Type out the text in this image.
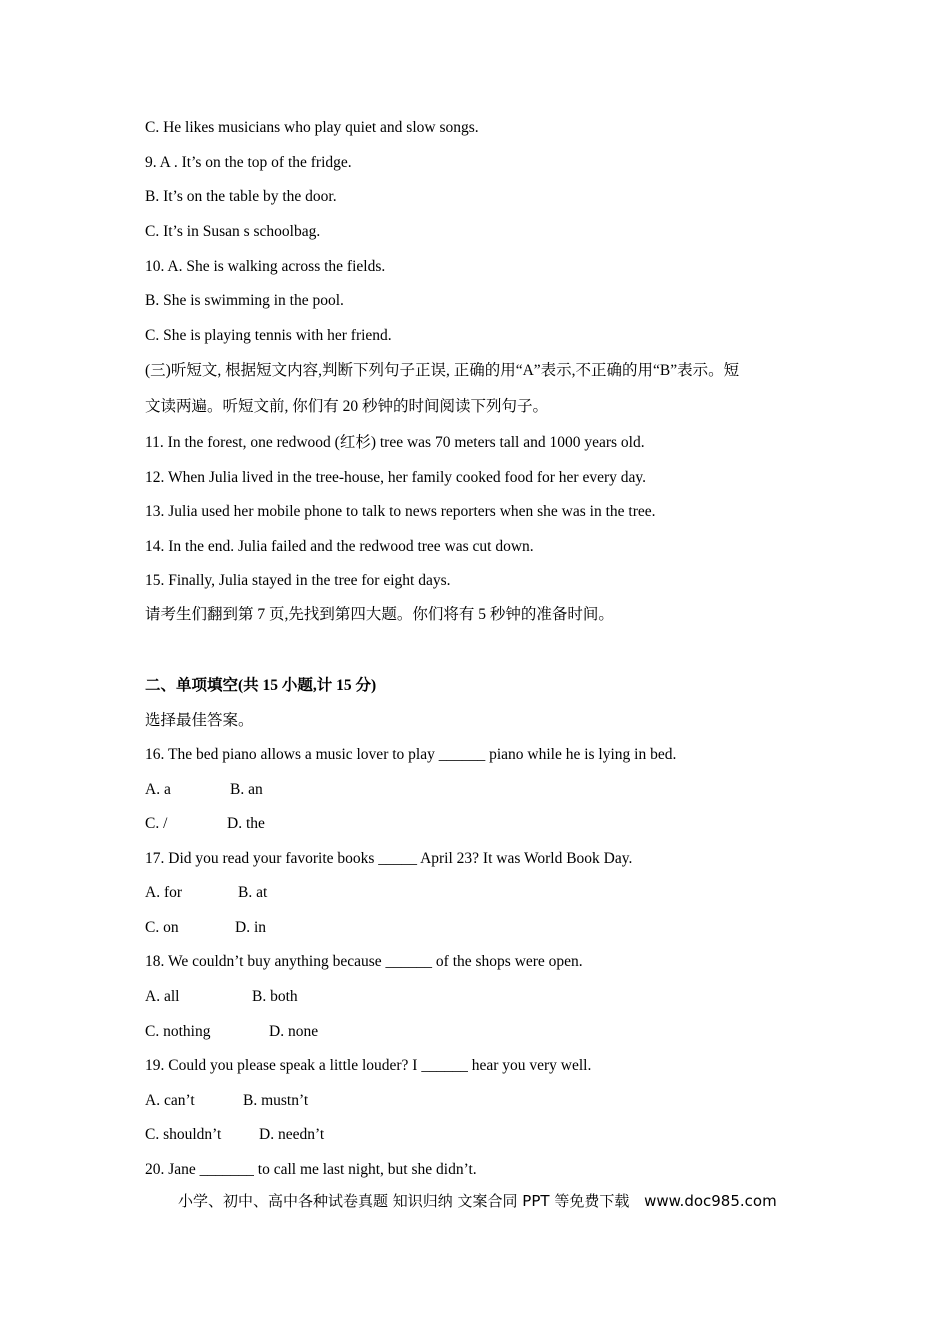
C. He likes musicians who play quiet and slow songs.
9. A . It’s on the top of the fridge.
B. It’s on the table by the door.
C. It’s in Susan s schoolbag.
10. A. She is walking across the fields.
B. She is swimming in the pool.
C. She is playing tennis with her friend.
(三)听短文, 根据短文内容,判断下列句子正误, 正确的用“A”表示,不正确的用“B”表示。短
文读两遍。听短文前, 你们有 20 秒钟的时间阅读下列句子。
11. In the forest, one redwood (红杉) tree was 70 meters tall and 1000 years old.
12. When Julia lived in the tree-house, her family cooked food for her every day.
13. Julia used her mobile phone to talk to news reporters when she was in the tree.
14. In the end. Julia failed and the redwood tree was cut down.
15. Finally, Julia stayed in the tree for eight days.
请考生们翻到第 7 页,先找到第四大题。你们将有 5 秒钟的准备时间。
二、单项填空(共 15 小题,计 15 分)
选择最佳答案。
16. The bed piano allows a music lover to play ______ piano while he is lying in bed.
A. a	B. an
C. /	D. the
17. Did you read your favorite books _____ April 23? It was World Book Day.
A. for	B. at
C. on	D. in
18. We couldn’t buy anything because ______ of the shops were open.
A. all	B. both
C. nothing	D. none
19. Could you please speak a little louder? I ______ hear you very well.
A. can’t	B. mustn’t
C. shouldn’t D. needn’t
20. Jane _______ to call me last night, but she didn’t.
小学、初中、高中各种试卷真题 知识归纳 文案合同 PPT 等免费下载 www.doc985.com
